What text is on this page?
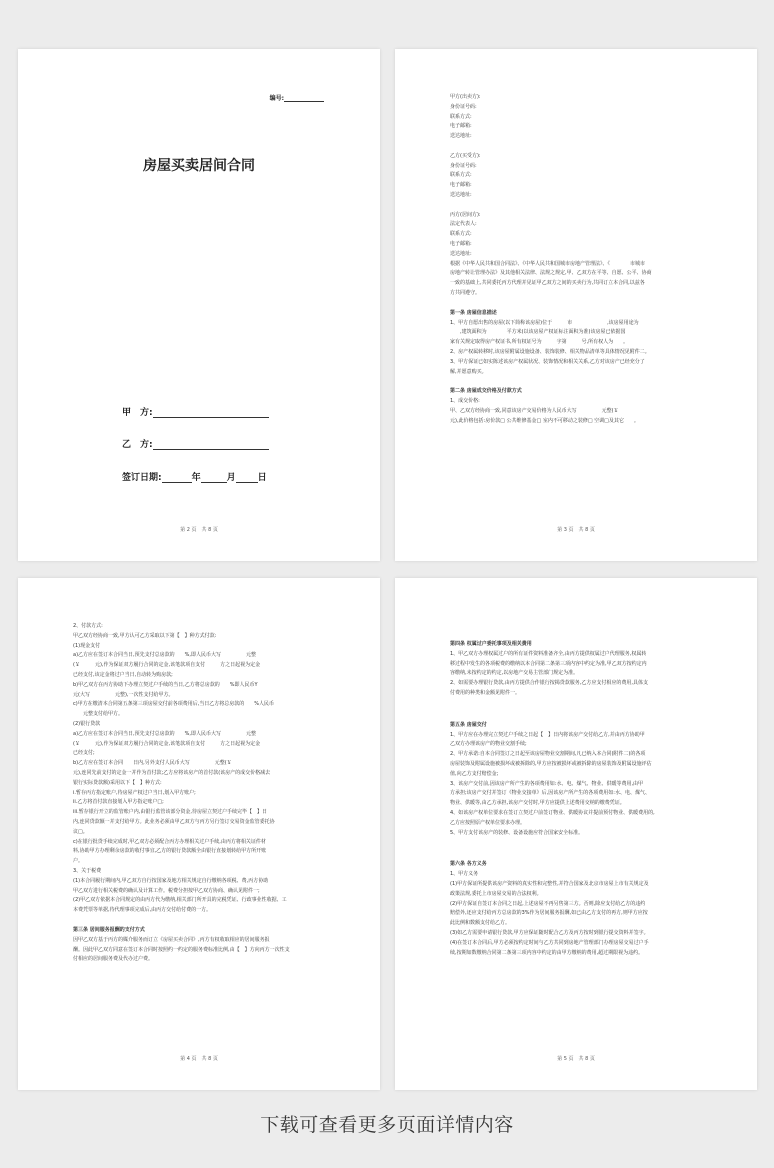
编号:
房屋买卖居间合同
甲　方:
乙　方:
签订日期:	年	月 日
第 2 页　共 8 页
甲方(出卖方):
身份证号码:
联系方式:
电子邮箱:
送达地址:
乙方(买受方):
身份证号码:
联系方式:
电子邮箱:
送达地址:
丙方(居间方):
法定代表人:
联系方式:
电子邮箱:
送达地址:
根据《中华人民共和国合同法》、《中华人民共和国城市房地产管理法》、《　　　　市城市
房地产转让管理办法》及其他相关法律、法规之规定,甲、乙双方在平等、自愿、公平、协商
一致的基础上,共同委托丙方代理并见证甲乙双方之间的买卖行为,共同订立本合同,以兹各
方共同遵守。
第一条 房屋信息描述
1、甲方自愿出售的房屋(以下简称该房屋)位于　　　市　　　　　　　,该房屋用途为
　　,建筑面积为　　　　平方米(以该房屋产权证标注面积为准)该房屋已依据国
家有关规定取得房产权证书,所有权证号为　　　字第　　　号,所有权人为　　。
2、房产权属转移时,该房屋附属设施设备、装饰装修、相关物品清单等具体情况见附件二。
3、甲方保证已如实陈述该房产权属状况、装饰情况和相关关系,乙方对该房产已经充分了
解,并愿意购买。
第二条 房屋成交价格及付款方式
1、成交价格:
甲、乙双方经协商一致,同意该房产交易价格为人民币大写　　　　　元整(￥　　
元),此价格包括:房价款□ 公共维修基金□ 室内不可移动之装修□ 空调□及其它　　。
第 3 页　共 8 页
2、付款方式:
甲乙双方经协商一致,甲方认可乙方采取以下第【　】种方式付款:
(1)现金支付
a)乙方应在签订本合同当日,预先支付总房款的　　%,即人民币大写　　　　　元整
(￥　　　元),作为保证双方履行合同的定金,该笔款项自支付　　　方之日起视为定金
已经支付,该定金将过户当日,自动转为购房款;
b)甲乙双方在丙方协助下办理立契过户手续的当日,乙方将总房款的　　%即人民币Y
元(大写　　　　　元整),一次性支付给甲方。
c)甲方在缴清本合同第五条第三项房屋交付前各项费用后,当日乙方将总房款的　　%人民币
　　元整支付给甲方。
(2)银行贷款
a)乙方应在签订本合同当日,预先支付总房款的　　%,即人民币大写　　　　　元整
(￥　　　元),作为保证双方履行合同的定金,该笔款项自支付　　　方之日起视为定金
已经支付;
b)乙方应在签订本合同　　日内,另外支付人民币大写　　　　　元整(￥
元),连同先前支付的定金一并作为首付款;乙方应将该房产的首付款(该房产的成交价格减去
银行实际贷款额)采用以下【　】种方式:
i.暂存丙方指定账户,待房屋产权过户当日,划入甲方账户;
ii.乙方将首付款直接划入甲方指定账户□;
iii.暂存银行开立的监管账户内,由银行监管该部分资金,待房屋立契过户手续完毕【　】日
内,连同贷款额一并支付给甲方。此业务必须由甲乙双方与丙方另行签订交易资金监管委托协
议□。
c)在银行批贷手续完成时,甲乙双方必须配合丙方办理相关过户手续,由丙方将相关证件材
料,协助甲方办理剩余房款的收付事宜,乙方的银行贷款额全由银行直接划转给甲方所开账
户。
3、关于税费
(1)本合同履行期间内,甲乙双方自行按国家及地方相关规定自行缴纳各项税、费,丙方协助
甲乙双方进行相关税费的确认及计算工作。税费分担按甲乙双方协商、确认见附件一;
(2)甲乙双方依据本合同规定的由丙方代为缴纳,相关部门所开具的完税凭证、行政事业性收据、工
本费凭票等单据,待代理事项完成后,由丙方交付给付费的一方。
第三条 居间服务报酬的支付方式
因甲乙双方基于丙方的媒介服务而订立《房屋买卖合同》,丙方有权收取相应的居间服务报
酬。因此甲乙双方同意在签订本合同时按照约一约定的服务费标准比例,由【　】方向丙方一次性支
付相应的居间服务费及代办过户费。
第 4 页　共 8 页
第四条 权属过户委托事项及相关费用
1、甲乙双方办理权属过户的所有证件资料准备齐全,由丙方提供权属过户代理服务,权属转
移过程中发生的各项税费的缴纳以本合同第二条第三项内容中约定为准,甲乙双方按约定内
容缴纳,未按约定的约定,以房地产交易主管部门规定为准。
2、如需要办理银行贷款,由丙方提供合作银行按揭贷款服务,乙方应支付相应的费用,具体支
付费用的种类和金额见附件一。
第五条 房屋交付
1、甲方应在办理完立契过户手续之日起【　】日内将该房产交付给乙方,并由丙方协助甲
乙双方办理该房产的物业交割手续;
2、甲方承诺:自本合同签订之日起至该房屋物业交割期间,凡已纳入本合同(附件二)的各项
房屋装饰及附属设施被损坏或被拆除的,甲方应按被损坏或被拆除的房屋装饰及附属设施评估
值,向乙方支付赔偿金;
3、该房产交付前,因该房产所产生的各项费用如:水、电、煤气、物业、供暖等费用,由甲
方承担;该房产交付并签订《物业交接单》后,因该房产所产生的各项费用如:水、电、煤气、
物业、供暖等,由乙方承担,该房产交付时,甲方应提供上述费用交纳的缴费凭证。
4、如该房产权单位要求在签订立契过户前签订物业、供暖协议并提前预付物业、供暖费用的,
乙方应按照原产权单位要求办理。
5、甲方支付该房产的装修、设备设施应符合国家安全标准。
第六条 各方义务
1、甲方义务
(1)甲方保证所提供该房产资料的真实性和完整性,并符合国家及北京市房屋上市有关规定及
政策法规,委托上市房屋交易的合法权利。
(2)甲方保证自签订本合同之日起,上述房屋不再另售第三方。否则,除应支付给乙方的违约
赔偿外,还应支付给丙方总房款的3%作为居间服务报酬,如已由乙方支付的再方,则甲方应按
此比例和数额支付给乙方。
(3)如乙方需要申请银行贷款,甲方应保证随时配合乙方及丙方按时到银行提交资料并签字。
(4)在签订本合同后,甲方必须按约定时间与乙方共同到房地产管理部门办理房屋交易过户手
续,按期如数缴纳合同第二条第三项内容中约定的由甲方缴纳的费用,超过期限视为违约。
第 5 页　共 8 页
下载可查看更多页面详情内容
